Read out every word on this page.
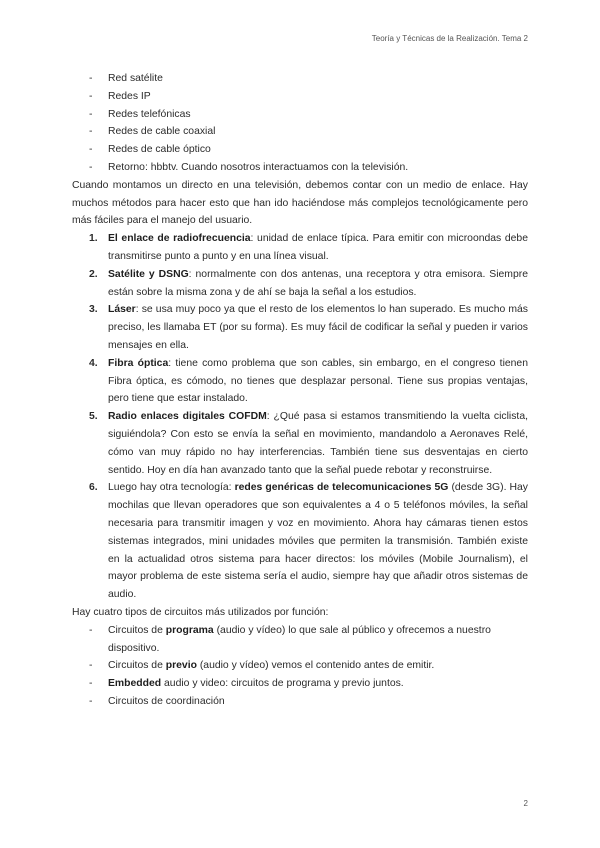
Teoría y Técnicas de la Realización. Tema 2
- Red satélite
- Redes IP
- Redes telefónicas
- Redes de cable coaxial
- Redes de cable óptico
- Retorno: hbbtv. Cuando nosotros interactuamos con la televisión.

Cuando montamos un directo en una televisión, debemos contar con un medio de enlace. Hay muchos métodos para hacer esto que han ido haciéndose más complejos tecnológicamente pero más fáciles para el manejo del usuario.

1. El enlace de radiofrecuencia: unidad de enlace típica. Para emitir con microondas debe transmitirse punto a punto y en una línea visual.
2. Satélite y DSNG: normalmente con dos antenas, una receptora y otra emisora. Siempre están sobre la misma zona y de ahí se baja la señal a los estudios.
3. Láser: se usa muy poco ya que el resto de los elementos lo han superado. Es mucho más preciso, les llamaba ET (por su forma). Es muy fácil de codificar la señal y pueden ir varios mensajes en ella.
4. Fibra óptica: tiene como problema que son cables, sin embargo, en el congreso tienen Fibra óptica, es cómodo, no tienes que desplazar personal. Tiene sus propias ventajas, pero tiene que estar instalado.
5. Radio enlaces digitales COFDM: ¿Qué pasa si estamos transmitiendo la vuelta ciclista, siguiéndola? Con esto se envía la señal en movimiento, mandandolo a Aeronaves Relé, cómo van muy rápido no hay interferencias. También tiene sus desventajas en cierto sentido. Hoy en día han avanzado tanto que la señal puede rebotar y reconstruirse.
6. Luego hay otra tecnología: redes genéricas de telecomunicaciones 5G (desde 3G). Hay mochilas que llevan operadores que son equivalentes a 4 o 5 teléfonos móviles, la señal necesaria para transmitir imagen y voz en movimiento. Ahora hay cámaras tienen estos sistemas integrados, mini unidades móviles que permiten la transmisión. También existe en la actualidad otros sistema para hacer directos: los móviles (Mobile Journalism), el mayor problema de este sistema sería el audio, siempre hay que añadir otros sistemas de audio.

Hay cuatro tipos de circuitos más utilizados por función:

- Circuitos de programa (audio y vídeo) lo que sale al público y ofrecemos a nuestro dispositivo.
- Circuitos de previo (audio y vídeo) vemos el contenido antes de emitir.
- Embedded audio y video: circuitos de programa y previo juntos.
- Circuitos de coordinación
2
